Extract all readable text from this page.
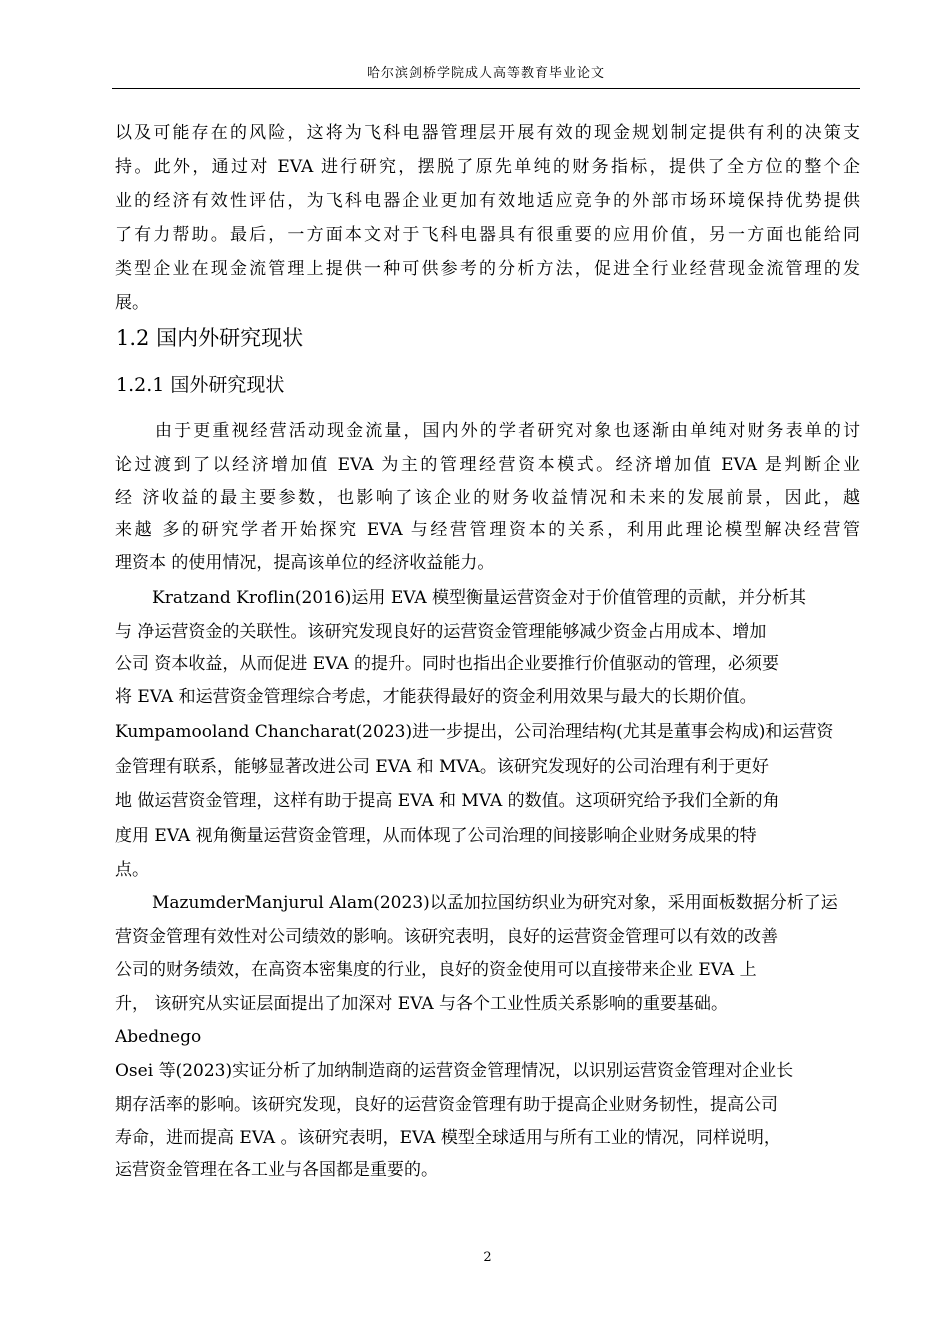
哈尔滨剑桥学院成人高等教育毕业论文
以及可能存在的风险，这将为飞科电器管理层开展有效的现金规划制定提供有利的决策支
持。此外，通过对 EVA 进行研究，摆脱了原先单纯的财务指标，提供了全方位的整个企
业的经济有效性评估，为飞科电器企业更加有效地适应竞争的外部市场环境保持优势提供
了有力帮助。最后，一方面本文对于飞科电器具有很重要的应用价值，另一方面也能给同
类型企业在现金流管理上提供一种可供参考的分析方法，促进全行业经营现金流管理的发
展。
1.2 国内外研究现状
1.2.1 国外研究现状
由于更重视经营活动现金流量，国内外的学者研究对象也逐渐由单纯对财务表单的讨
论过渡到了以经济增加值 EVA 为主的管理经营资本模式。经济增加值 EVA 是判断企业
经 济收益的最主要参数，也影响了该企业的财务收益情况和未来的发展前景，因此，越
来越 多的研究学者开始探究 EVA 与经营管理资本的关系，利用此理论模型解决经营管
理资本 的使用情况，提高该单位的经济收益能力。
Kratzand Kroflin(2016)运用 EVA 模型衡量运营资金对于价值管理的贡献，并分析其
与 净运营资金的关联性。该研究发现良好的运营资金管理能够减少资金占用成本、增加
公司 资本收益，从而促进 EVA 的提升。同时也指出企业要推行价值驱动的管理，必须要
将 EVA 和运营资金管理综合考虑，才能获得最好的资金利用效果与最大的长期价值。
Kumpamooland Chancharat(2023)进一步提出，公司治理结构(尤其是董事会构成)和运营资
金管理有联系，能够显著改进公司 EVA 和 MVA。该研究发现好的公司治理有利于更好
地 做运营资金管理，这样有助于提高 EVA 和 MVA 的数值。这项研究给予我们全新的角
度用 EVA 视角衡量运营资金管理，从而体现了公司治理的间接影响企业财务成果的特
点。
MazumderManjurul Alam(2023)以孟加拉国纺织业为研究对象，采用面板数据分析了运
营资金管理有效性对公司绩效的影响。该研究表明，良好的运营资金管理可以有效的改善
公司的财务绩效，在高资本密集度的行业，良好的资金使用可以直接带来企业 EVA 上
升， 该研究从实证层面提出了加深对 EVA 与各个工业性质关系影响的重要基础。
Abednego
Osei 等(2023)实证分析了加纳制造商的运营资金管理情况，以识别运营资金管理对企业长
期存活率的影响。该研究发现，良好的运营资金管理有助于提高企业财务韧性，提高公司
寿命，进而提高 EVA 。该研究表明，EVA 模型全球适用与所有工业的情况，同样说明，
运营资金管理在各工业与各国都是重要的。
2
